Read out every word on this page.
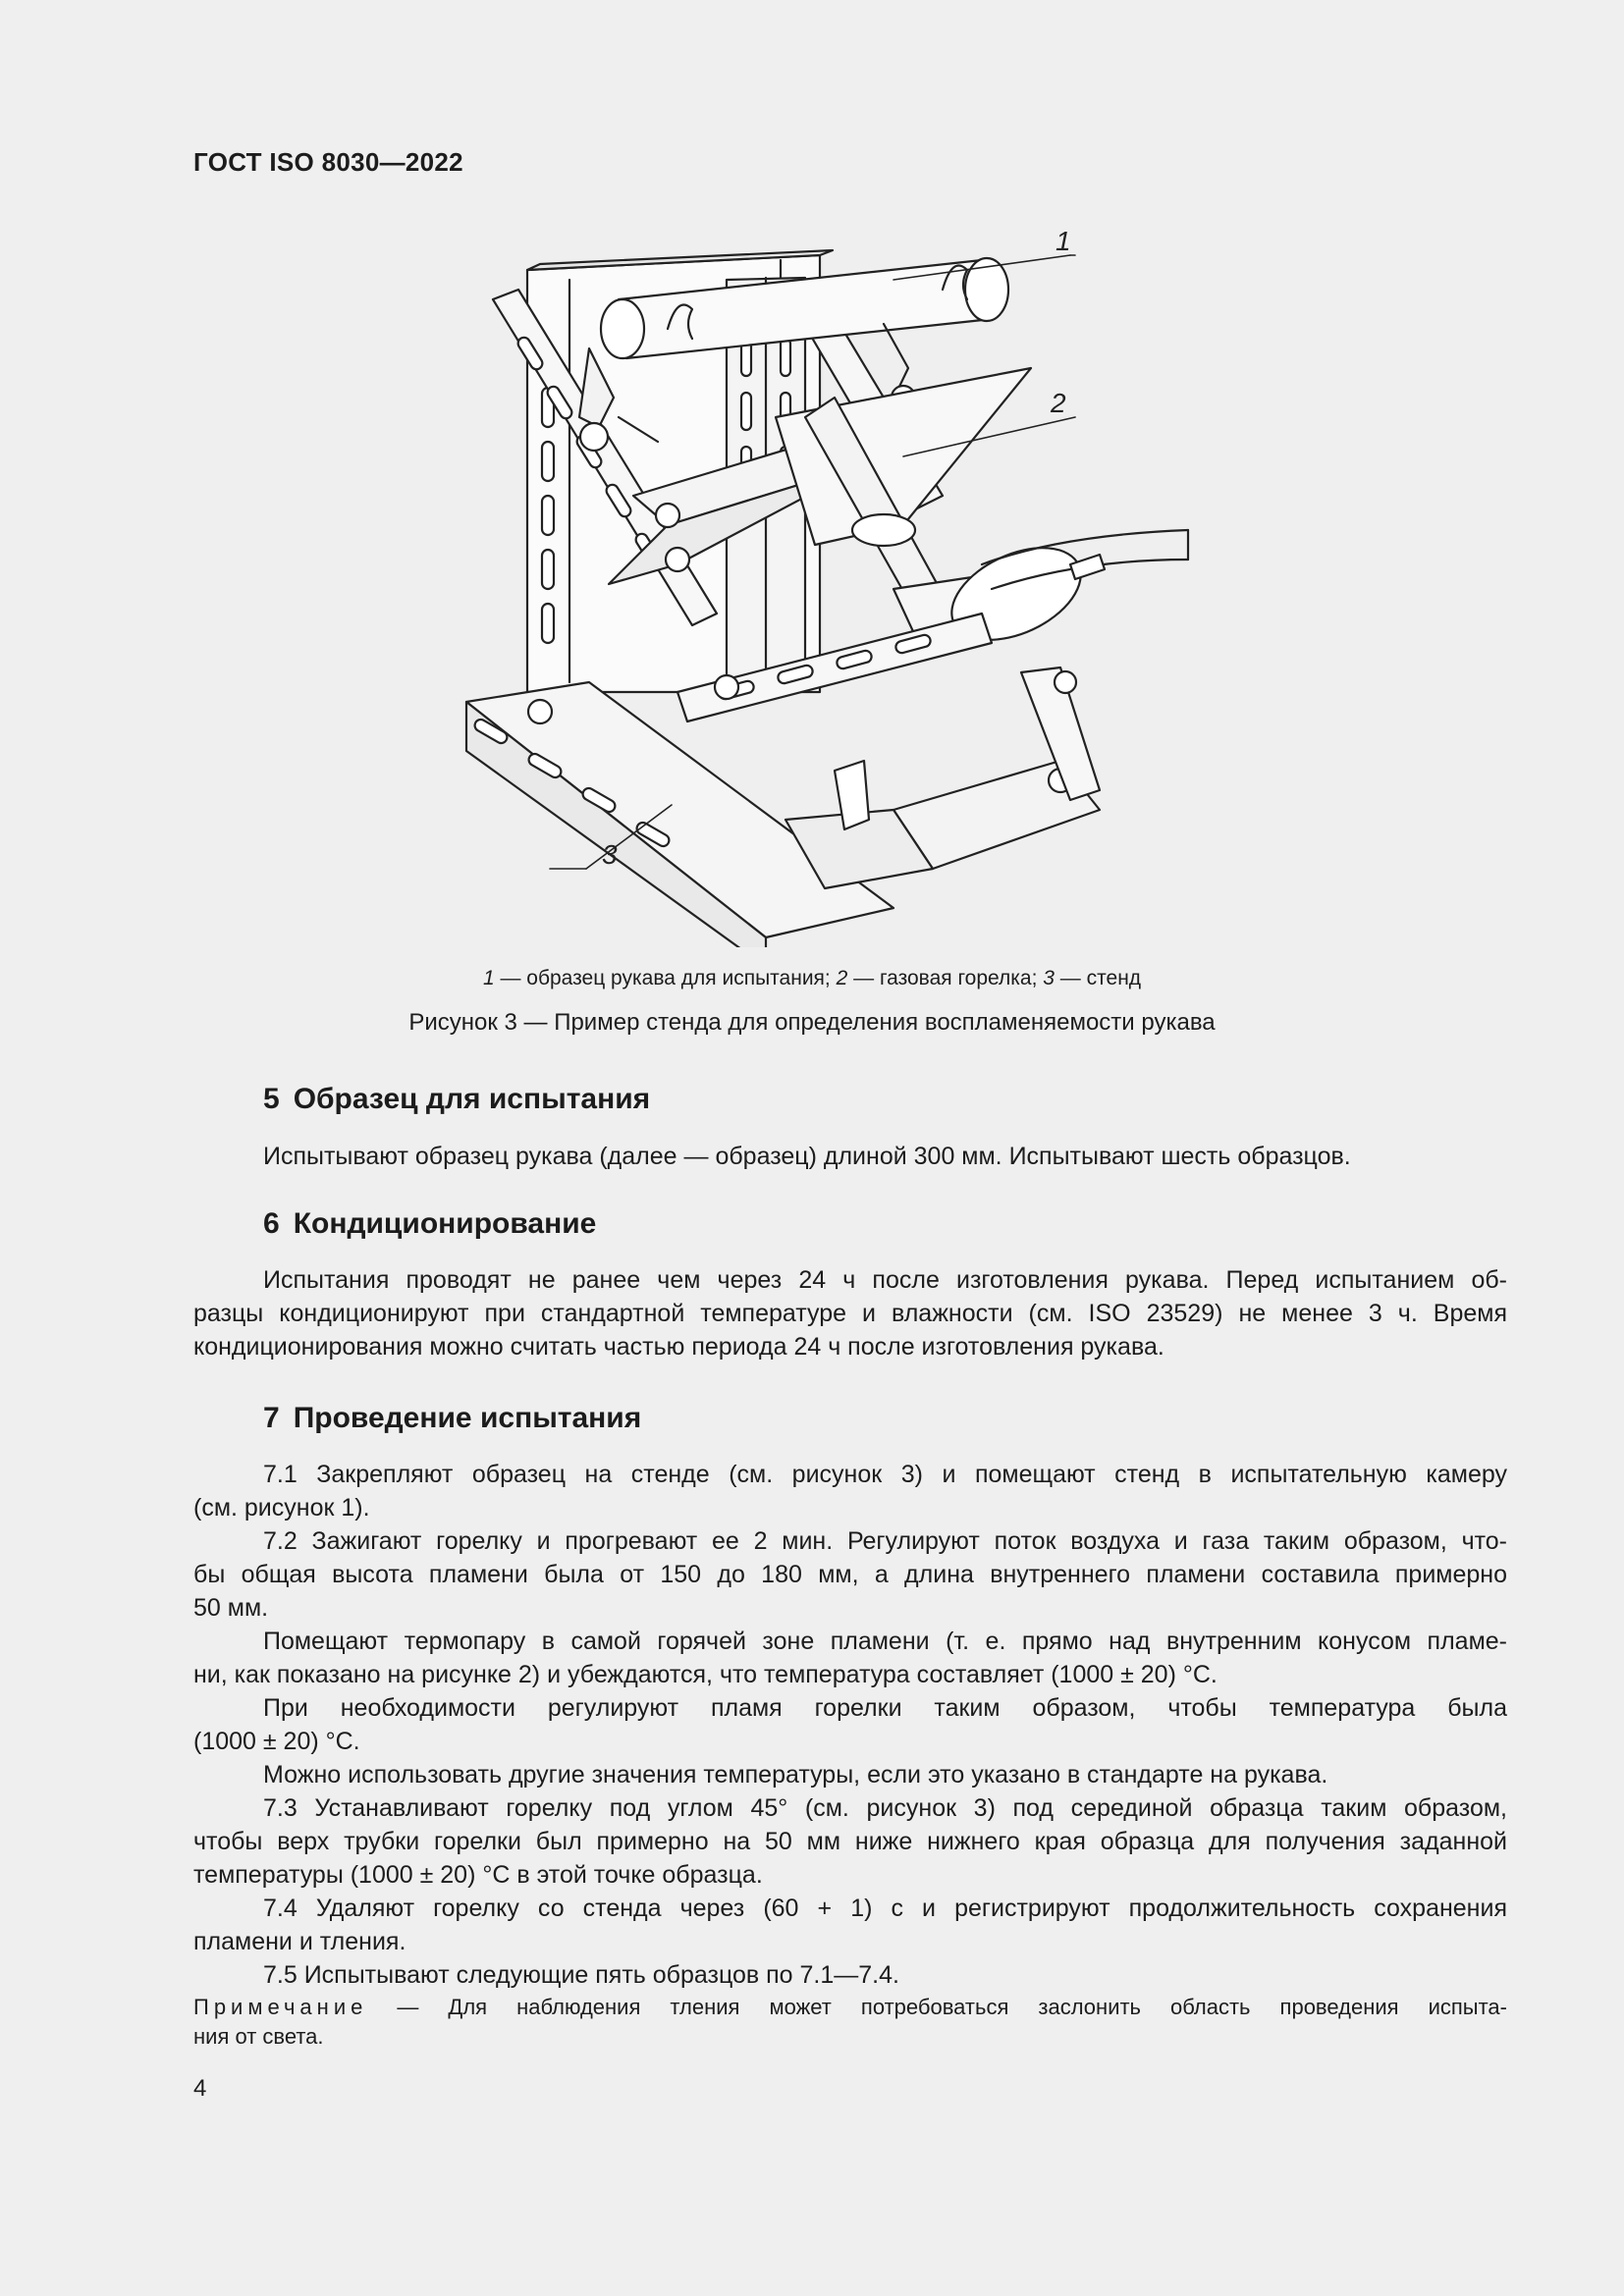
ГОСТ ISO 8030—2022
1
2
3
1 — образец рукава для испытания; 2 — газовая горелка; 3 — стенд
Рисунок 3 — Пример стенда для определения воспламеняемости рукава
5 Образец для испытания
Испытывают образец рукава (далее — образец) длиной 300 мм. Испытывают шесть образцов.
6 Кондиционирование
Испытания проводят не ранее чем через 24 ч после изготовления рукава. Перед испытанием об-
разцы кондиционируют при стандартной температуре и влажности (см. ISO 23529) не менее 3 ч. Время
кондиционирования можно считать частью периода 24 ч после изготовления рукава.
7 Проведение испытания
7.1 Закрепляют образец на стенде (см. рисунок 3) и помещают стенд в испытательную камеру
(см. рисунок 1).
7.2 Зажигают горелку и прогревают ее 2 мин. Регулируют поток воздуха и газа таким образом, что-
бы общая высота пламени была от 150 до 180 мм, а длина внутреннего пламени составила примерно
50 мм.
Помещают термопару в самой горячей зоне пламени (т. е. прямо над внутренним конусом пламе-
ни, как показано на рисунке 2) и убеждаются, что температура составляет (1000 ± 20) °С.
При необходимости регулируют пламя горелки таким образом, чтобы температура была
(1000 ± 20) °С.
Можно использовать другие значения температуры, если это указано в стандарте на рукава.
7.3 Устанавливают горелку под углом 45° (см. рисунок 3) под серединой образца таким образом,
чтобы верх трубки горелки был примерно на 50 мм ниже нижнего края образца для получения заданной
температуры (1000 ± 20) °С в этой точке образца.
7.4 Удаляют горелку со стенда через (60 + 1) с и регистрируют продолжительность сохранения
пламени и тления.
7.5 Испытывают следующие пять образцов по 7.1—7.4.
Примечание — Для наблюдения тления может потребоваться заслонить область проведения испыта-
ния от света.
4
